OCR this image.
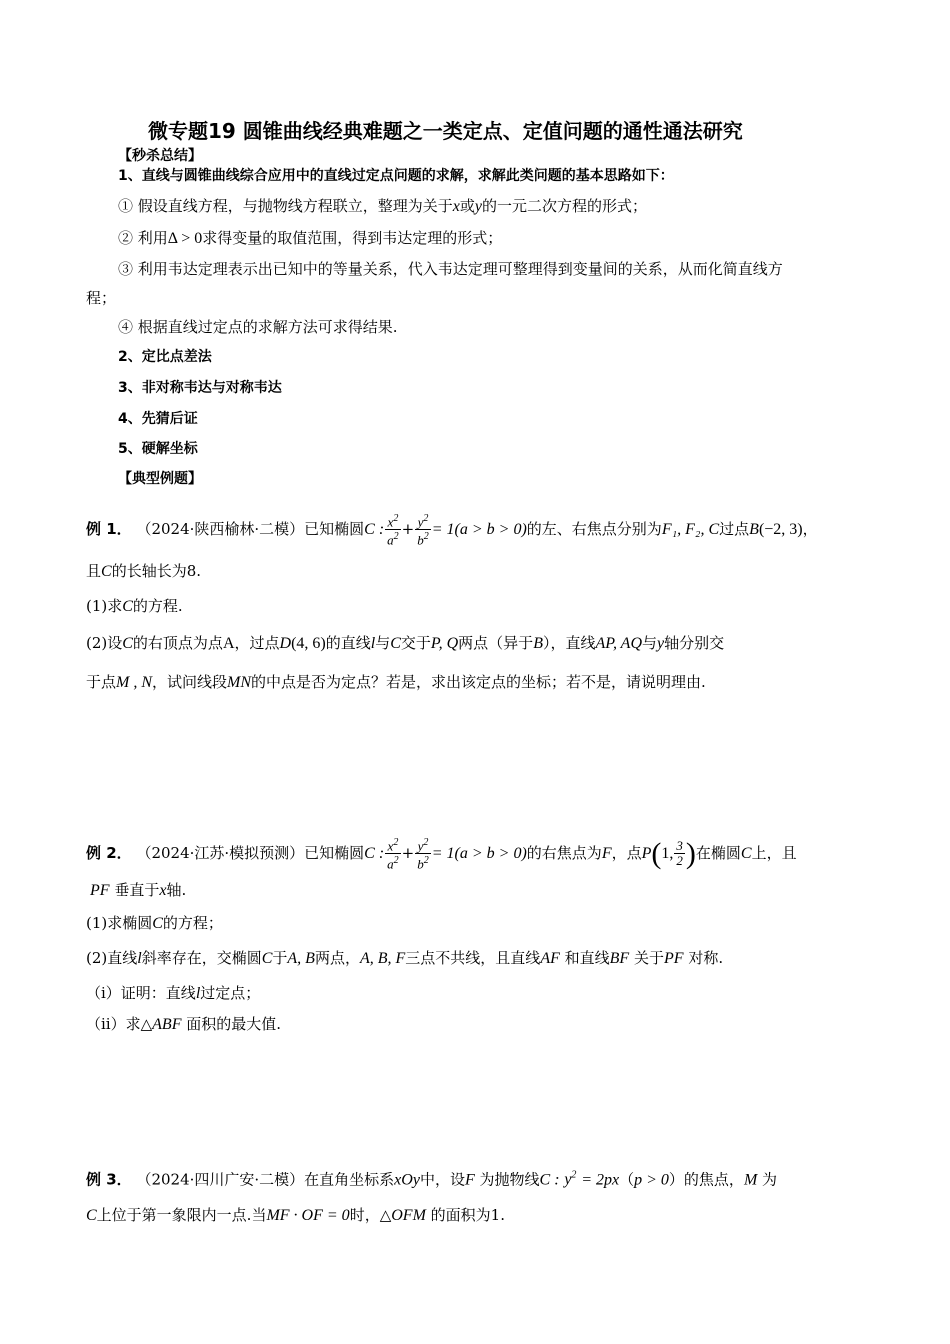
微专题19 圆锥曲线经典难题之一类定点、定值问题的通性通法研究
【秒杀总结】
1、直线与圆锥曲线综合应用中的直线过定点问题的求解，求解此类问题的基本思路如下：
① 假设直线方程，与抛物线方程联立，整理为关于x或y的一元二次方程的形式；
② 利用Δ > 0求得变量的取值范围，得到韦达定理的形式；
③ 利用韦达定理表示出已知中的等量关系，代入韦达定理可整理得到变量间的关系，从而化简直线方
程；
④ 根据直线过定点的求解方法可求得结果.
2、定比点差法
3、非对称韦达与对称韦达
4、先猜后证
5、硬解坐标
【典型例题】
例 1． （2024·陕西榆林·二模）已知椭圆C : $\frac{x^2}{a^2} + \frac{y^2}{b^2} = 1(a > b > 0)$的左、右焦点分别为F₁, F₂, C过点B(−2, 3)，
且C的长轴长为8.
(1)求C的方程.
(2)设C的右顶点为点A，过点D(4, 6)的直线l与C交于P, Q两点（异于B），直线AP, AQ与y轴分别交
于点M , N，试问线段MN的中点是否为定点？若是，求出该定点的坐标；若不是，请说明理由.
例 2． （2024·江苏·模拟预测）已知椭圆C : $\frac{x^2}{a^2} + \frac{y^2}{b^2} = 1(a > b > 0)$的右焦点为F，点P(1, $\frac{3}{2}$ )在椭圆C上，且
PF 垂直于x轴.
(1)求椭圆C的方程；
(2)直线l斜率存在，交椭圆C于A, B两点，A, B, F三点不共线，且直线AF 和直线BF 关于PF 对称.
（ⅰ）证明：直线l过定点；
（ⅱ）求△ABF 面积的最大值.
例 3． （2024·四川广安·二模）在直角坐标系xOy中，设F 为抛物线C : $y^2 = 2px(p > 0)$的焦点，M 为
C上位于第一象限内一点.当MF · OF = 0时，△OFM 的面积为1.
